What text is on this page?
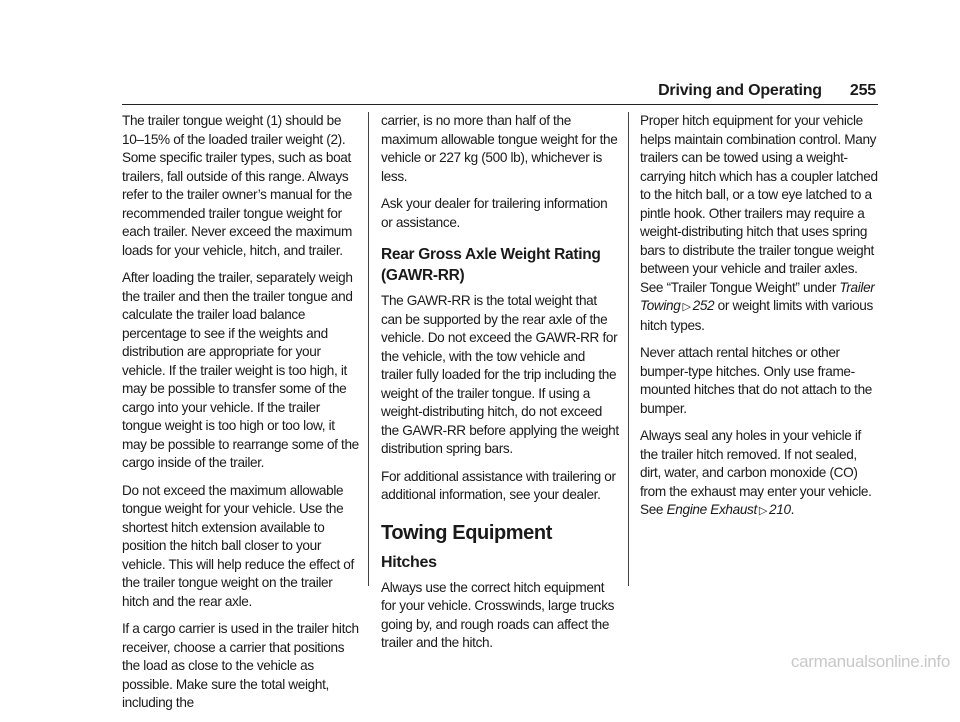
Driving and Operating 255

The trailer tongue weight (1) should be 10–15% of the loaded trailer weight (2). Some specific trailer types, such as boat trailers, fall outside of this range. Always refer to the trailer owner’s manual for the recommended trailer tongue weight for each trailer. Never exceed the maximum loads for your vehicle, hitch, and trailer.

After loading the trailer, separately weigh the trailer and then the trailer tongue and calculate the trailer load balance percentage to see if the weights and distribution are appropriate for your vehicle. If the trailer weight is too high, it may be possible to transfer some of the cargo into your vehicle. If the trailer tongue weight is too high or too low, it may be possible to rearrange some of the cargo inside of the trailer.

Do not exceed the maximum allowable tongue weight for your vehicle. Use the shortest hitch extension available to position the hitch ball closer to your vehicle. This will help reduce the effect of the trailer tongue weight on the trailer hitch and the rear axle.

If a cargo carrier is used in the trailer hitch receiver, choose a carrier that positions the load as close to the vehicle as possible. Make sure the total weight, including the

carrier, is no more than half of the maximum allowable tongue weight for the vehicle or 227 kg (500 lb), whichever is less.

Ask your dealer for trailering information or assistance.

Rear Gross Axle Weight Rating (GAWR-RR)

The GAWR-RR is the total weight that can be supported by the rear axle of the vehicle. Do not exceed the GAWR-RR for the vehicle, with the tow vehicle and trailer fully loaded for the trip including the weight of the trailer tongue. If using a weight-distributing hitch, do not exceed the GAWR-RR before applying the weight distribution spring bars.

For additional assistance with trailering or additional information, see your dealer.

Towing Equipment
Hitches

Always use the correct hitch equipment for your vehicle. Crosswinds, large trucks going by, and rough roads can affect the trailer and the hitch.

Proper hitch equipment for your vehicle helps maintain combination control. Many trailers can be towed using a weight-carrying hitch which has a coupler latched to the hitch ball, or a tow eye latched to a pintle hook. Other trailers may require a weight-distributing hitch that uses spring bars to distribute the trailer tongue weight between your vehicle and trailer axles. See “Trailer Tongue Weight” under Trailer Towing ▷ 252 or weight limits with various hitch types.

Never attach rental hitches or other bumper-type hitches. Only use frame-mounted hitches that do not attach to the bumper.

Always seal any holes in your vehicle if the trailer hitch removed. If not sealed, dirt, water, and carbon monoxide (CO) from the exhaust may enter your vehicle. See Engine Exhaust ▷ 210.

carmanualsonline.info
